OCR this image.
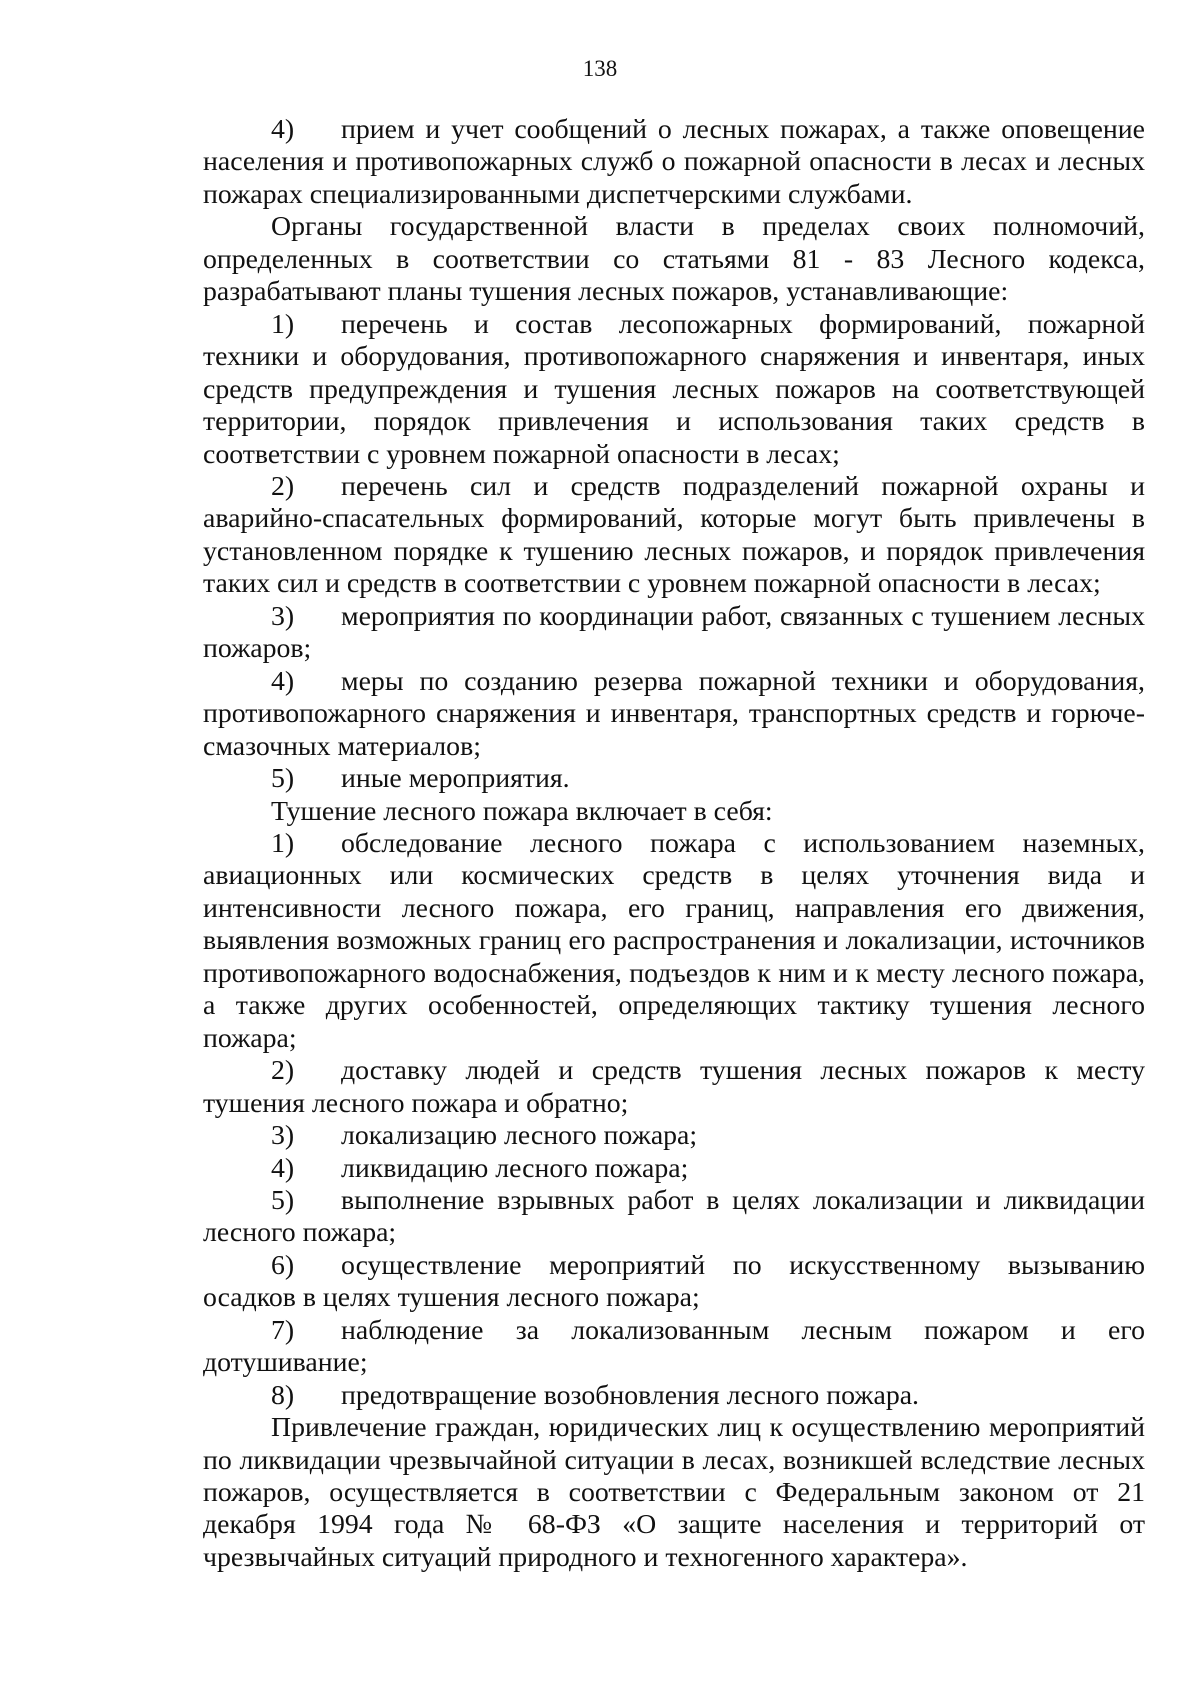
138

4) прием и учет сообщений о лесных пожарах, а также оповещение населения и противопожарных служб о пожарной опасности в лесах и лесных пожарах специализированными диспетчерскими службами.

Органы государственной власти в пределах своих полномочий, определенных в соответствии со статьями 81 - 83 Лесного кодекса, разрабатывают планы тушения лесных пожаров, устанавливающие:

1) перечень и состав лесопожарных формирований, пожарной техники и оборудования, противопожарного снаряжения и инвентаря, иных средств предупреждения и тушения лесных пожаров на соответствующей территории, порядок привлечения и использования таких средств в соответствии с уровнем пожарной опасности в лесах;

2) перечень сил и средств подразделений пожарной охраны и аварийно-спасательных формирований, которые могут быть привлечены в установленном порядке к тушению лесных пожаров, и порядок привлечения таких сил и средств в соответствии с уровнем пожарной опасности в лесах;

3) мероприятия по координации работ, связанных с тушением лесных пожаров;

4) меры по созданию резерва пожарной техники и оборудования, противопожарного снаряжения и инвентаря, транспортных средств и горюче-смазочных материалов;

5) иные мероприятия.

Тушение лесного пожара включает в себя:

1) обследование лесного пожара с использованием наземных, авиационных или космических средств в целях уточнения вида и интенсивности лесного пожара, его границ, направления его движения, выявления возможных границ его распространения и локализации, источников противопожарного водоснабжения, подъездов к ним и к месту лесного пожара, а также других особенностей, определяющих тактику тушения лесного пожара;

2) доставку людей и средств тушения лесных пожаров к месту тушения лесного пожара и обратно;

3) локализацию лесного пожара;

4) ликвидацию лесного пожара;

5) выполнение взрывных работ в целях локализации и ликвидации лесного пожара;

6) осуществление мероприятий по искусственному вызыванию осадков в целях тушения лесного пожара;

7) наблюдение за локализованным лесным пожаром и его дотушивание;

8) предотвращение возобновления лесного пожара.

Привлечение граждан, юридических лиц к осуществлению мероприятий по ликвидации чрезвычайной ситуации в лесах, возникшей вследствие лесных пожаров, осуществляется в соответствии с Федеральным законом от 21 декабря 1994 года № 68-ФЗ «О защите населения и территорий от чрезвычайных ситуаций природного и техногенного характера».
